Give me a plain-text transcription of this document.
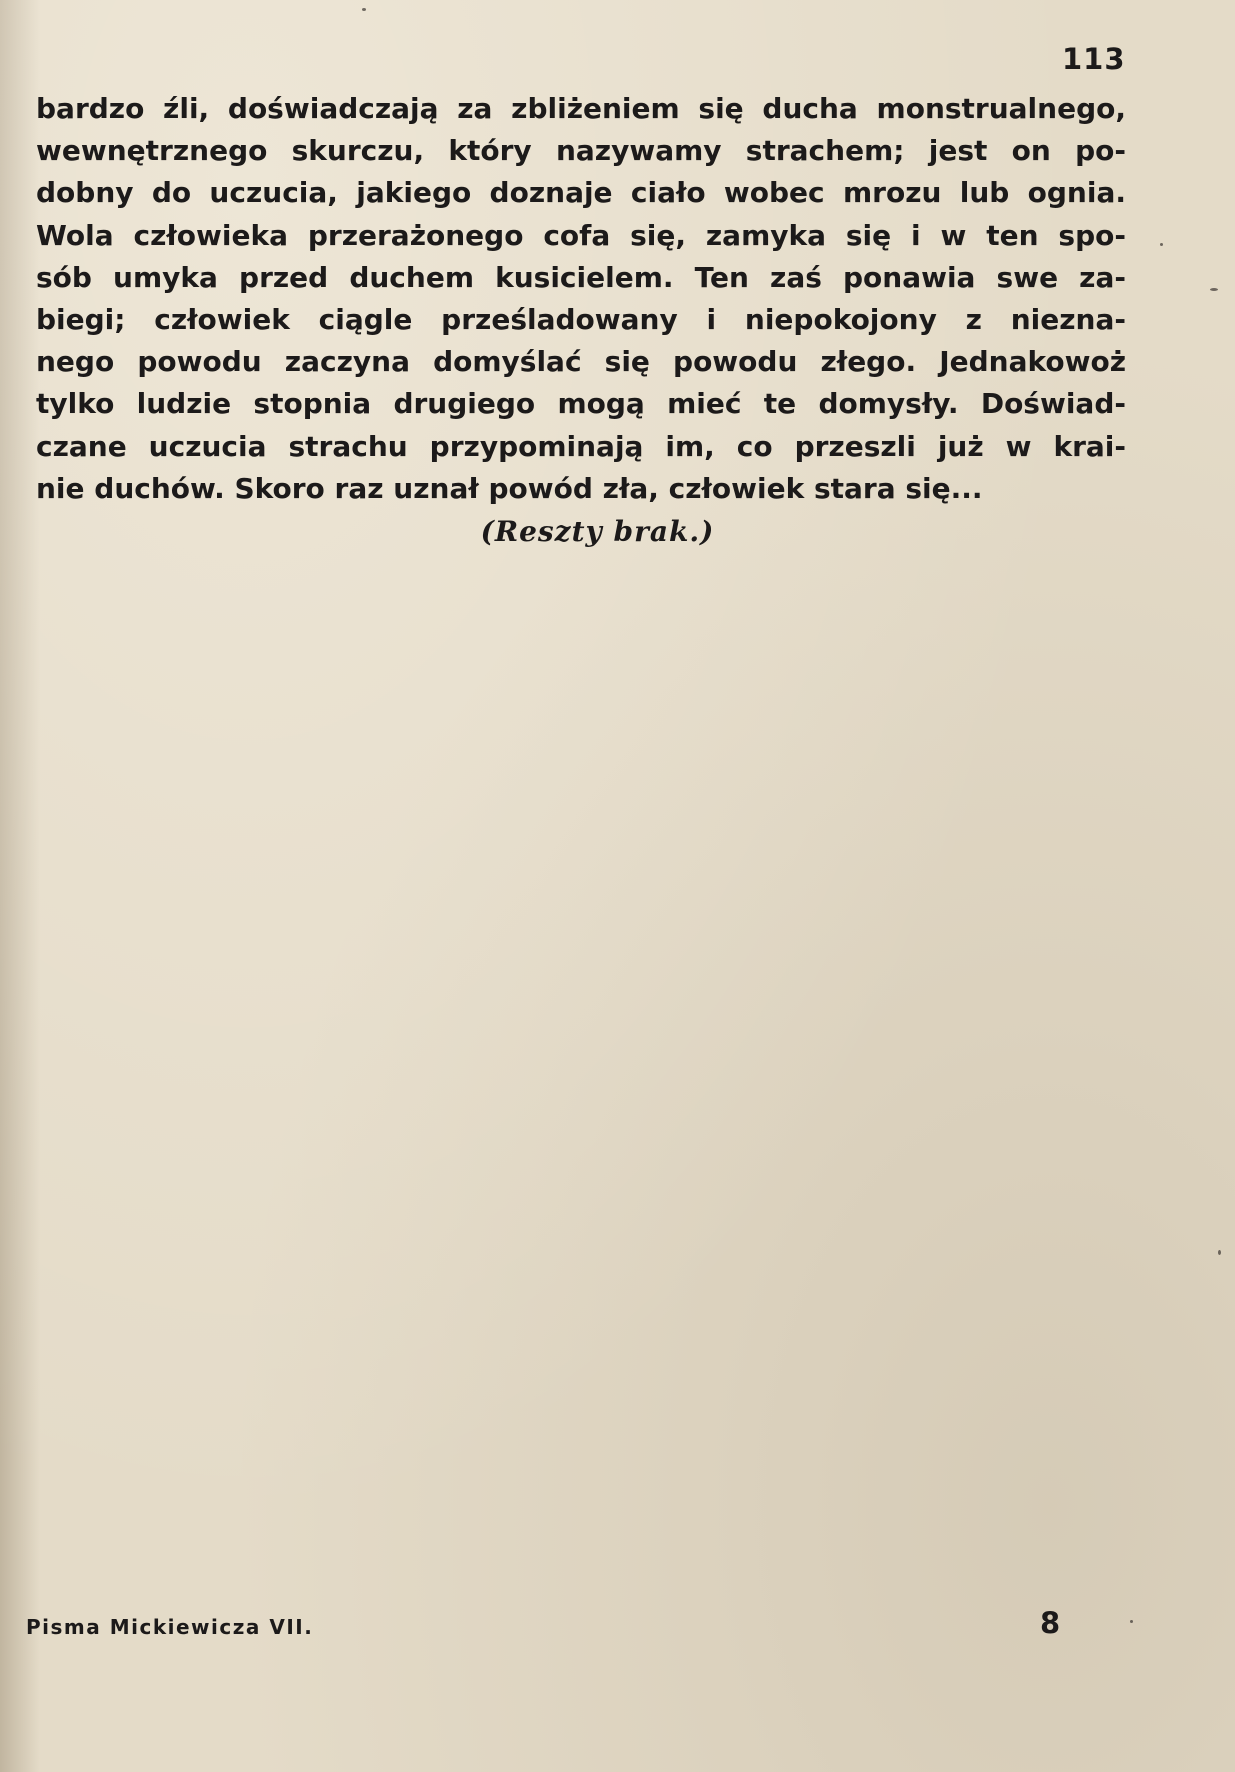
113

bardzo źli, doświadczają za zbliżeniem się ducha monstrualnego,
wewnętrznego skurczu, który nazywamy strachem; jest on po-
dobny do uczucia, jakiego doznaje ciało wobec mrozu lub ognia.
Wola człowieka przerażonego cofa się, zamyka się i w ten spo-
sób umyka przed duchem kusicielem. Ten zaś ponawia swe za-
biegi; człowiek ciągle prześladowany i niepokojony z niezna-
nego powodu zaczyna domyślać się powodu złego. Jednakowoż
tylko ludzie stopnia drugiego mogą mieć te domysły. Doświad-
czane uczucia strachu przypominają im, co przeszli już w krai-
nie duchów. Skoro raz uznał powód zła, człowiek stara się...

(Reszty brak.)

Pisma Mickiewicza VII.	8
